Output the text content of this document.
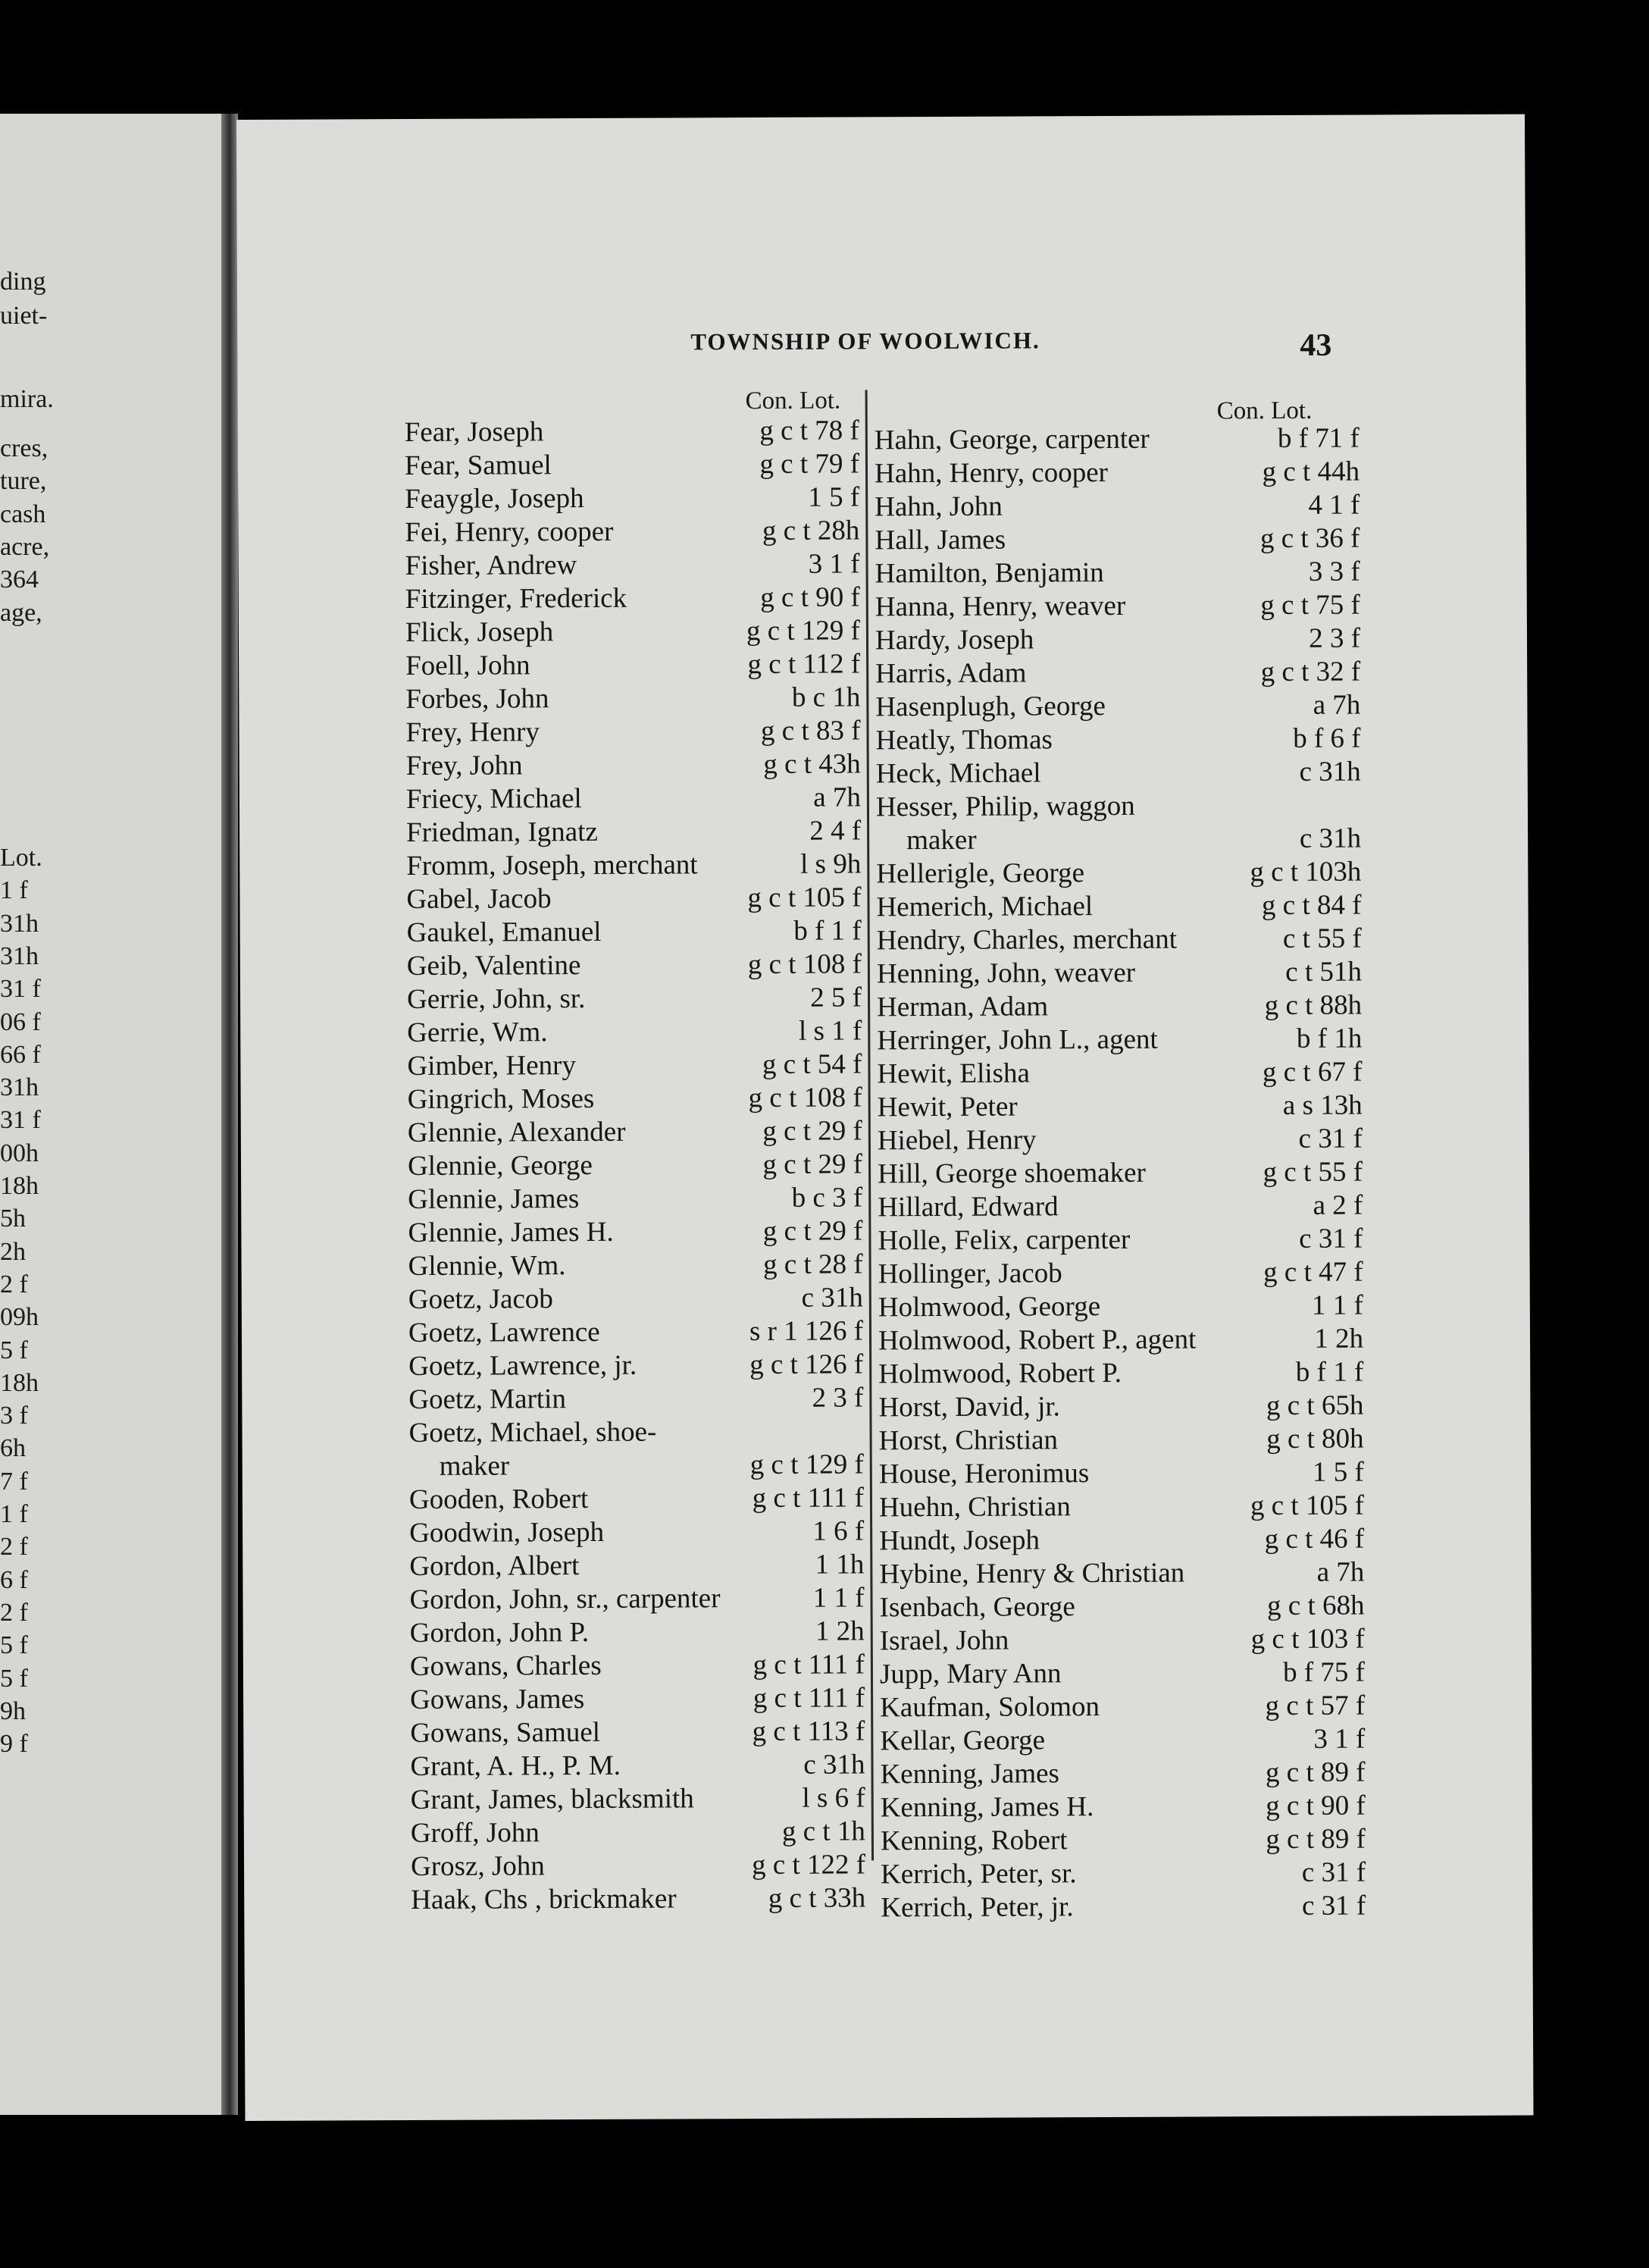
ding
uiet-
mira.
cres,
ture,
cash
acre,
364
age,
Lot.
1 f
31h
31h
31 f
06 f
66 f
31h
31 f
00h
18h
5h
2h
2 f
09h
5 f
18h
3 f
6h
7 f
1 f
2 f
6 f
2 f
5 f
5 f
9h
9 f
TOWNSHIP OF WOOLWICH.	43
Con. Lot.	Con. Lot.
Fear, Joseph	g c t 78 f
Fear, Samuel	g c t 79 f
Feaygle, Joseph	1 5 f
Fei, Henry, cooper	g c t 28h
Fisher, Andrew	3 1 f
Fitzinger, Frederick	g c t 90 f
Flick, Joseph	g c t 129 f
Foell, John	g c t 112 f
Forbes, John	b c 1h
Frey, Henry	g c t 83 f
Frey, John	g c t 43h
Friecy, Michael	a 7h
Friedman, Ignatz	2 4 f
Fromm, Joseph, merchant	l s 9h
Gabel, Jacob	g c t 105 f
Gaukel, Emanuel	b f 1 f
Geib, Valentine	g c t 108 f
Gerrie, John, sr.	2 5 f
Gerrie, Wm.	l s 1 f
Gimber, Henry	g c t 54 f
Gingrich, Moses	g c t 108 f
Glennie, Alexander	g c t 29 f
Glennie, George	g c t 29 f
Glennie, James	b c 3 f
Glennie, James H.	g c t 29 f
Glennie, Wm.	g c t 28 f
Goetz, Jacob	c 31h
Goetz, Lawrence	s r 1 126 f
Goetz, Lawrence, jr.	g c t 126 f
Goetz, Martin	2 3 f
Goetz, Michael, shoe-
maker	g c t 129 f
Gooden, Robert	g c t 111 f
Goodwin, Joseph	1 6 f
Gordon, Albert	1 1h
Gordon, John, sr., carpenter	1 1 f
Gordon, John P.	1 2h
Gowans, Charles	g c t 111 f
Gowans, James	g c t 111 f
Gowans, Samuel	g c t 113 f
Grant, A. H., P. M.	c 31h
Grant, James, blacksmith	l s 6 f
Groff, John	g c t 1h
Grosz, John	g c t 122 f
Haak, Chs , brickmaker	g c t 33h
Hahn, George, carpenter	b f 71 f
Hahn, Henry, cooper	g c t 44h
Hahn, John	4 1 f
Hall, James	g c t 36 f
Hamilton, Benjamin	3 3 f
Hanna, Henry, weaver	g c t 75 f
Hardy, Joseph	2 3 f
Harris, Adam	g c t 32 f
Hasenplugh, George	a 7h
Heatly, Thomas	b f 6 f
Heck, Michael	c 31h
Hesser, Philip, waggon
maker	c 31h
Hellerigle, George	g c t 103h
Hemerich, Michael	g c t 84 f
Hendry, Charles, merchant	c t 55 f
Henning, John, weaver	c t 51h
Herman, Adam	g c t 88h
Herringer, John L., agent	b f 1h
Hewit, Elisha	g c t 67 f
Hewit, Peter	a s 13h
Hiebel, Henry	c 31 f
Hill, George shoemaker	g c t 55 f
Hillard, Edward	a 2 f
Holle, Felix, carpenter	c 31 f
Hollinger, Jacob	g c t 47 f
Holmwood, George	1 1 f
Holmwood, Robert P., agent	1 2h
Holmwood, Robert P.	b f 1 f
Horst, David, jr.	g c t 65h
Horst, Christian	g c t 80h
House, Heronimus	1 5 f
Huehn, Christian	g c t 105 f
Hundt, Joseph	g c t 46 f
Hybine, Henry & Christian	a 7h
Isenbach, George	g c t 68h
Israel, John	g c t 103 f
Jupp, Mary Ann	b f 75 f
Kaufman, Solomon	g c t 57 f
Kellar, George	3 1 f
Kenning, James	g c t 89 f
Kenning, James H.	g c t 90 f
Kenning, Robert	g c t 89 f
Kerrich, Peter, sr.	c 31 f
Kerrich, Peter, jr.	c 31 f
